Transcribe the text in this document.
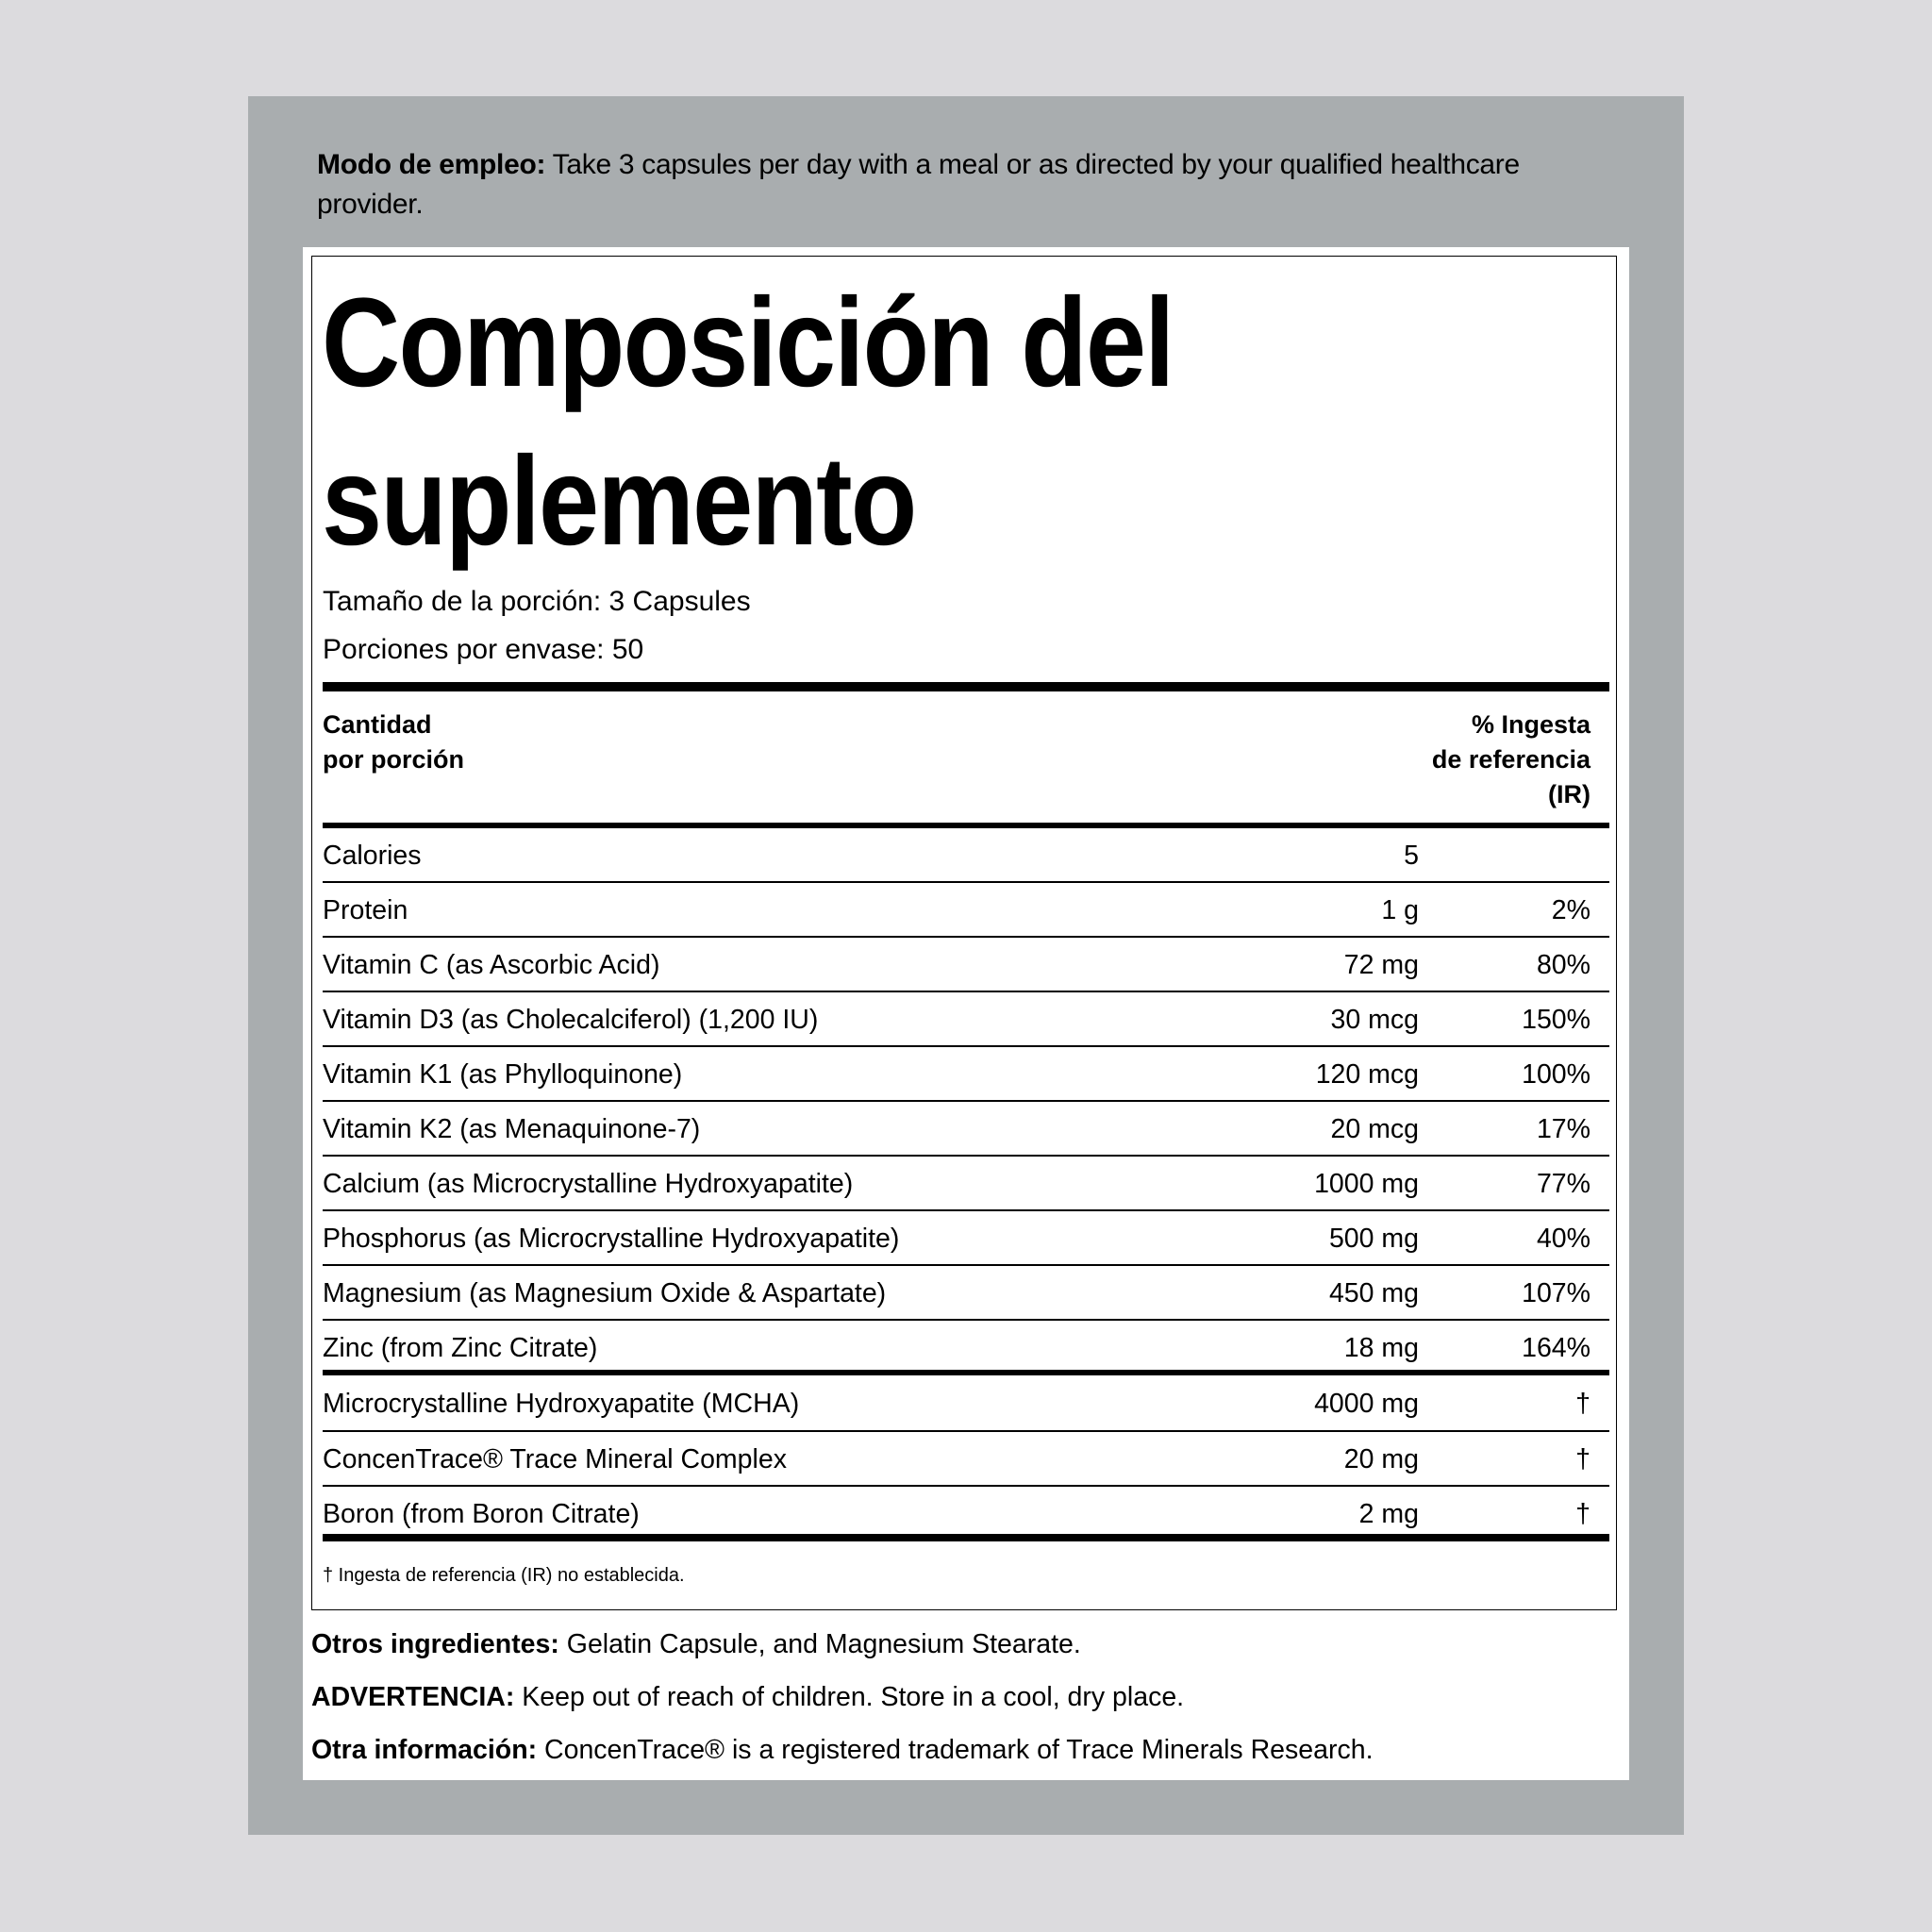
Modo de empleo: Take 3 capsules per day with a meal or as directed by your qualified healthcare provider.
Composición del
suplemento
Tamaño de la porción: 3 Capsules
Porciones por envase: 50
Cantidad
por porción
% Ingesta
de referencia
(IR)
Calories	5
Protein	1 g	2%
Vitamin C (as Ascorbic Acid)	72 mg	80%
Vitamin D3 (as Cholecalciferol) (1,200 IU)	30 mcg	150%
Vitamin K1 (as Phylloquinone)	120 mcg	100%
Vitamin K2 (as Menaquinone-7)	20 mcg	17%
Calcium (as Microcrystalline Hydroxyapatite)	1000 mg	77%
Phosphorus (as Microcrystalline Hydroxyapatite)	500 mg	40%
Magnesium (as Magnesium Oxide & Aspartate)	450 mg	107%
Zinc (from Zinc Citrate)	18 mg	164%
Microcrystalline Hydroxyapatite (MCHA)	4000 mg	†
ConcenTrace® Trace Mineral Complex	20 mg	†
Boron (from Boron Citrate)	2 mg	†
† Ingesta de referencia (IR) no establecida.
Otros ingredientes: Gelatin Capsule, and Magnesium Stearate.
ADVERTENCIA: Keep out of reach of children. Store in a cool, dry place.
Otra información: ConcenTrace® is a registered trademark of Trace Minerals Research.
